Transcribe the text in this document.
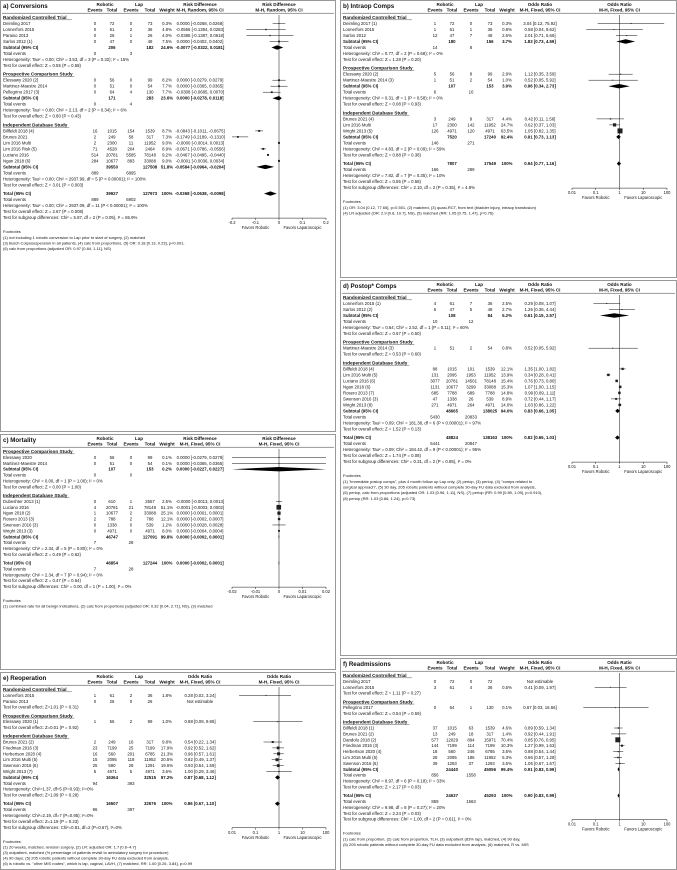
a) Conversions	Robotic	Lap	Risk Difference	Risk Difference
Events Total Events Total Weight M-H, Random, 95% CI	M-H, Random, 95% CI
Randomized Controlled Trial
Deimling 2017	0	72	0	73 0.3% 0.0000 [-0.0268, 0.0268]
Lonnerfors 2015	0	61	2	36 4.8% -0.0556 [-0.1394, 0.0283]
Paraiso 2013	0	26	1	26 4.0% -0.0385 [-0.1387, 0.0618]
Sarlos 2012 (1)	0	47	0	48 7.5% 0.0000 [-0.0402, 0.0402]
Subtotal (95% CI)	206	182 24.6% -0.0077 [-0.0322, 0.0181]
Total events	0	3
Heterogeneity: Tau² = 0.00; Chi² = 3.53, df = 3 (P = 0.32); I² = 15%
Test for overall effect: Z = 0.55 (P = 0.58)
Prospective Comparison Study
Elessawy 2020 (2)	0	56	0	99 8.2% 0.0000 [-0.0279, 0.0279]
Martinez-Maestre 2014	0	51	0	54 7.7% 0.0000 [-0.0365, 0.0365]
Pellegrino 2017 (3)	0	64	4	130 7.7% -0.0308 [-0.0685, 0.0070]
Subtotal (95% CI)	171	283 23.6% 0.0000 [-0.0278, 0.0118]
Total events	0	4
Heterogeneity: Tau² = 0.00; Chi² = 2.13, df = 2 (P = 0.34); I² = 6%
Test for overall effect: Z = 0.80 (P = 0.43)
Independent Database Study
Billfeldt 2018 (4)	16 1015 154 1539 8.7% -0.0843 [-0.1011, -0.0675]
Brunes 2021	2	249	58	317 7.3% -0.1749 [-0.2189, -0.1310]
Lim 2016 Multi	2	2300	11	11952 9.0% -0.0000 [-0.0014, 0.0013]
Lim 2016 Risk (5)	71 4528 204 2464 8.9% -0.0671 [-0.0786, -0.0556]
Luciano 2016	514 20781 5585 78148 9.2% -0.0467 [-0.0495, -0.0440]
Ngan 2018 (6)	284 10677 883 33088 9.0% -0.0001 [-0.0036, 0.0034]
Subtotal (95% CI)	39550	127508 51.8% -0.0584 [-0.0964, -0.0204]
Total events	889	6895
Heterogeneity: Tau² = 0.00; Chi² = 2937.99, df = 5 (P < 0.00001); I² = 100%
Test for overall effect: Z = 3.01 (P = 0.003)
Total (95% CI)	39927	127973 100% -0.0368 [-0.0638, -0.0098]
Total events	889	6902
Heterogeneity: Tau² = 0.00; Chi² = 2937.09, df = 11 (P < 0.00001); I² = 100%
Test for overall effect: Z = 2.67 (P = 0.008)
Test for subgroup differences: Chi² = 5.87, df = 2 (P = 0.05), I² = 65.9%
-0.2	-0.1	0	0.1	0.2
Favors Robotic	Favors Laparoscopic
Footnotes
(1) not including 1 robotic conversion to Lap prior to start of surgery, (2) matched
(3) Burch Colposuspension in all patients, (4) calc from proportions, (5) OR: 0.18 [0.13, 0.23], p<0.001,
(6) calc from proportions (adjusted OR: 0.97 [0.84, 1.11], NS)
b) Intraop Comps	Robotic	Lap	Odds Ratio	Odds Ratio
Events Total Events Total Weight M-H, Fixed, 95% CI	M-H, Fixed, 95% CI
Randomized Controlled Trial
Deimling 2017 (1)	1	72	0	73 0.3%	3.04 [0.12, 75.92]
Lonnerfors 2015	1	61	1	36 0.8%	0.58 [0.04, 9.62]
Sarlos 2012	12	47	7	48 2.6%	2.01 [0.71, 5.66]
Subtotal (95% CI)	180	156 3.7%	1.83 [0.73, 4.59]
Total events	14	8
Heterogeneity: Chi² = 0.77, df = 2 (P = 0.68); I² = 0%
Test for overall effect: Z = 1.28 (P = 0.20)
Prospective Comparison Study
Elessawy 2020 (2)	5	56	8	99 2.9%	1.12 [0.35, 3.59]
Martinez-Maestre 2014 (3)	1	51	2	54 1.0%	0.52 [0.05, 5.92]
Subtotal (95% CI)	107	153 3.9%	0.96 [0.34, 2.73]
Total events	6	10
Heterogeneity: Chi² = 0.31, df = 1 (P = 0.58); I² = 0%
Test for overall effect: Z = 0.08 (P = 0.93)
Independent Database Study
Brunes 2021 (4)	3	249	9	317 4.4%	0.42 [0.11, 1.56]
Lim 2016 Multi	17 2300 142 11952 24.7%	0.62 [0.37, 1.03]
Wright 2013 (5)	126 4971 120 4971 63.5%	1.05 [0.82, 1.35]
Subtotal (95% CI)	7520	17240 92.4%	0.91 [0.73, 1.13]
Total events	146	271
Heterogeneity: Chi² = 4.83, df = 2 (P = 0.09); I² = 59%
Test for overall effect: Z = 0.88 (P = 0.38)
Total (95% CI)	7807	17549 100%	0.94 [0.77, 1.16]
Total events	166	289
Heterogeneity: Chi² = 7.82, df = 7 (P = 0.35); I² = 10%
Test for overall effect: Z = 0.55 (P = 0.58)
Test for subgroup differences: Chi² = 2.10, df = 2 (P = 0.35), I² = 4.8%
0.01	0.1	1	10	100
Favors Robotic	Favors Laparoscopic
Footnotes
(1) OR: 3.04 [0.12, 77.65], p=0.501, (2) matched, (3) quasi-RCT, from text (bladder injury, intraop transfusion)
(4) LR adjusted (OR: 2.9 [0.8, 10.7], NS), (5) matched (RR: 1.05 [0.75, 1.47], p=0.76)
c) Mortality	Robotic	Lap	Risk Difference	Risk Difference
Events Total Events Total Weight M-H, Fixed, 95% CI	M-H, Fixed, 95% CI
Prospective Comparison Study
Elessawy 2020	0	56	0	99 0.1% 0.0000 [-0.0279, 0.0279]
Martinez-Maestre 2014	0	51	0	54 0.1% 0.0000 [-0.0365, 0.0365]
Subtotal (95% CI)	107	153 0.2% 0.0000 [-0.0227, 0.0227]
Total events	0	0
Heterogeneity: Chi² = 0.00, df = 1 (P = 1.00); I² = 0%
Test for overall effect: Z = 0.00 (P = 1.00)
Independent Database Study
Dubeshter 2013 (1)	0	610	1	2557 2.5% -0.0000 [-0.0013, 0.0013]
Luciano 2016	4 20781 21 78148 51.1% -0.0001 [-0.0003, 0.0002]
Ngan 2018 (2)	1 10677	2	33088 25.1% 0.0000 [-0.0001, 0.0001]
Rosero 2013 (3)	2	788	2	788 12.1% 0.0000 [-0.0002, 0.0007]
Swenson 2016 (3)	0	1338	0	539 1.2% 0.0000 [-0.0028, 0.0028]
Wright 2013 (3)	0	4971	0	4971 8.0% 0.0000 [-0.0004, 0.0004]
Subtotal (95% CI)	46747	127091 99.8% 0.0000 [-0.0002, 0.0001]
Total events	7	28
Heterogeneity: Chi² = 2.34, df = 5 (P = 0.80); I² = 0%
Test for overall effect: Z = 0.49 (P = 0.62)
Total (95% CI)	46854	127244 100% 0.0000 [-0.0002, 0.0001]
Total events	7	28
Heterogeneity: Chi² = 2.34, df = 7 (P = 0.94); I² = 0%
Test for overall effect: Z = 0.47 (P = 0.64)
Test for subgroup differences: Chi² = 0.00, df = 1 (P = 1.00), I² = 0%
-0.02	-0.01	0	0.01	0.02
Favors Robotic	Favors Laparoscopic
Footnotes
(1) combined rate for all benign indications, (2) calc from proportions (adjusted OR: 0.32 [0.04, 2.71], NS), (3) matched
d) Postop* Comps	Robotic	Lap	Odds Ratio	Odds Ratio
Events Total Events Total Weight M-H, Fixed, 95% CI	M-H, Fixed, 95% CI
Randomized Controlled Trial
Lonnerfors 2015 (1)	4	61	7	36 2.5%	0.29 [0.08, 1.07]
Sarlos 2012 (2)	6	47	5	48 2.7%	1.26 [0.36, 4.44]
Subtotal (95% CI)	108	84 5.2%	0.61 [0.15, 2.57]
Total events	10	12
Heterogeneity: Tau² = 0.64; Chi² = 2.52, df = 1 (P = 0.11); I² = 60%
Test for overall effect: Z = 0.67 (P = 0.50)
Prospective Comparison Study
Martinez-Maestre 2014 (3)	1	51	2	54 0.8%	0.52 [0.05, 5.92]
Test for overall effect: Z = 0.53 (P = 0.60)
Independent Database Study
Billfeldt 2018 (4)	88 1015 101 1539 12.1%	1.35 [1.00, 1.82]
Lim 2016 Multi (5)	131 2095 1953 11952 13.9%	0.34 [0.28, 0.41]
Luciano 2016 (6)	3077 20781 14501 78148 15.4%	0.76 [0.73, 0.80]
Ngan 2018 (6)	1131 10677 3299 33088 15.3%	1.07 [1.00, 1.15]
Rosero 2013 (7)	685 7788 689 7788 14.8%	0.99 [0.89, 1.11]
Swenson 2016 (3)	47 1338	26	539 8.9%	0.72 [0.44, 1.17]
Wright 2013 (8)	271 4971 264 4971 14.0%	1.03 [0.86, 1.22]
Subtotal (95% CI)	48665	138025 94.0%	0.83 [0.66, 1.05]
Total events	5430	20833
Heterogeneity: Tau² = 0.09; Chi² = 181.38, df = 6 (P < 0.00001); I² = 97%
Test for overall effect: Z = 1.52 (P = 0.13)
Total (95% CI)	48824	138163 100%	0.82 [0.65, 1.03]
Total events	5441	20847
Heterogeneity: Tau² = 0.09; Chi² = 184.42, df = 9 (P < 0.00001); I² = 95%
Test for overall effect: Z = 1.74 (P = 0.08)
Test for subgroup differences: Chi² = 0.31, df = 2 (P = 0.85), I² = 0%
0.01	0.1	1	10	100
Favors Robotic	Favors Laparoscopic
Footnotes
(1) "immediate postop comps", plus 4 month follow up Lap only, (2) periop, (3) periop, (4) "comps related to
surgical approach", (5) 30 day, 205 robotic patients without complete 30-day FU data excluded from analysis,
(6) periop, calc from proportions (adjusted OR: 1.03 [0.96, 1.11], NS), (7) periop (RR: 0.99 [0.89, 1.09], p=0.910),
(8) periop (RR: 1.03 [0.86, 1.24], p=0.73)
e) Reoperation	Robotic	Lap	Odds Ratio	Odds Ratio
Events Total Events Total Weight M-H, Fixed, 95% CI	M-H, Fixed, 95% CI
Randomized Controlled Trial
Lonnerfors 2015	1	61	2	36 1.8%	0.28 [0.02, 3.24]
Paraiso 2013	0	26	0	26	Not estimable
Test for overall effect: Z=1.01 (P = 0.31)
Prospective Comparison Study
Elessawy 2020 (1)	1	56	2	99 1.0%	0.88 [0.08, 9.95]
Test for overall effect: Z=0.01 (P = 0.92)
Independent Database Study
Brunes 2021 (2)	2	249	16	317 9.8%	0.54 [0.22, 1.34]
Friedman 2016 (3)	23 7199	25	7199 17.9%	0.92 [0.52, 1.62]
Herbertson 2020 (4)	16	560	201 6785 21.3%	0.96 [0.57, 1.61]
Lim 2016 Multi (5)	15 2095	118 11952 20.5%	0.82 [0.49, 1.37]
Swenson 2016 (6)	25	590	28	1291 19.6%	0.93 [0.54, 1.59]
Wright 2013 (7)	5	4971	5	4971 3.6%	1.00 [0.29, 3.46]
Subtotal (95% CI)	16364	32515 97.2%	0.87 [0.68, 1.12]
Total events	94	393
Heterogeneity: Chi²=1.37, df=5 (P=0.93); I²=0%
Test for overall effect: Z=1.09 (P = 0.28)
Total (95% CI)	16507	32676 100%	0.86 [0.67, 1.10]
Total events	96	397
Heterogeneity: Chi²=2.19, df=7 (P=0.95); I²=0%
Test for overall effect: Z=1.19 (P = 0.23)
Test for subgroup differences: Chi²=0.81, df=2 (P=0.67), I²=0%
0.01	0.1	1	10	100
Favors Robotic	Favors Laparoscopic
Footnotes
(1) 20 weeks, matched, revision surgery, (2) LR: adjusted OR: 1.7 [0.6–4.7]
(3) outpatient, matched (% percentage of patients revisit to ambulatory surgery for procedure)
(4) 90 days, (5) 205 robotic patients without complete 30-day FU data excluded from analysis,
(6) is robotic vs. "other MIS routes", which is lap, vaginal, LAVH, (7) matched, RR: 1.00 [0.26, 3.84], p=0.99
f) Readmissions	Robotic	Lap	Odds Ratio	Odds Ratio
Events Total Events Total Weight M-H, Fixed, 95% CI	M-H, Fixed, 95% CI
Randomized Controlled Trial
Deimling 2017	0	72	0	72	Not estimable
Lonnerfors 2015	3	61	4	36 0.5%	0.41 [0.09, 1.97]
Test for overall effect: Z = 1.11 (P = 0.27)
Prospective Comparison Study
Pellegrino 2017	0	64	1	130 0.1%	0.67 [0.03, 16.66]
Test for overall effect: Z = 0.54 (P = 0.59)
Independent Database Study
Billfeldt 2018 (1)	37 1015	63	1539 4.6%	0.89 [0.59, 1.34]
Brunes 2021 (2)	13	249	18	317 1.4%	0.92 [0.44, 1.91]
Dandolu 2018 (2)	577 12029 894 15971 70.4%	0.85 [0.76, 0.95]
Friedman 2016 (3)	144 7199	114	7199 10.3%	1.27 [0.99, 1.63]
Herbertson 2020 (4)	18	560	246 6785 3.5%	0.88 [0.54, 1.44]
Lim 2016 Multi (5)	28 2095 186 11952 5.3%	0.86 [0.57, 1.28]
Swenson 2016 (6)	39 1293	37	1293 3.5%	1.05 [0.67, 1.67]
Subtotal (95% CI)	24440	45056 99.4%	0.91 [0.83, 0.99]
Total events	856	1558
Heterogeneity: Chi² = 8.97, df = 6 (P = 0.18); I² = 33%
Test for overall effect: Z = 2.17 (P = 0.03)
Total (95% CI)	24637	45293 100%	0.90 [0.83, 0.99]
Total events	859	1563
Heterogeneity: Chi² = 9.98, df = 8 (P = 0.27); I² = 20%
Test for overall effect: Z = 2.24 (P = 0.03)
Test for subgroup differences: Chi² = 1.00, df = 2 (P = 0.61), I² = 0%
0.01	0.1	1	10	100
Favors Robotic	Favors Laparoscopic
Footnotes
(1) calc from proportion, (2) calc from proportion, TLH, (3) outpatient (83% lap), matched, (4) 90 day,
(5) 205 robotic patients without complete 30-day FU data excluded from analysis, (6) matched, R vs. MIS
